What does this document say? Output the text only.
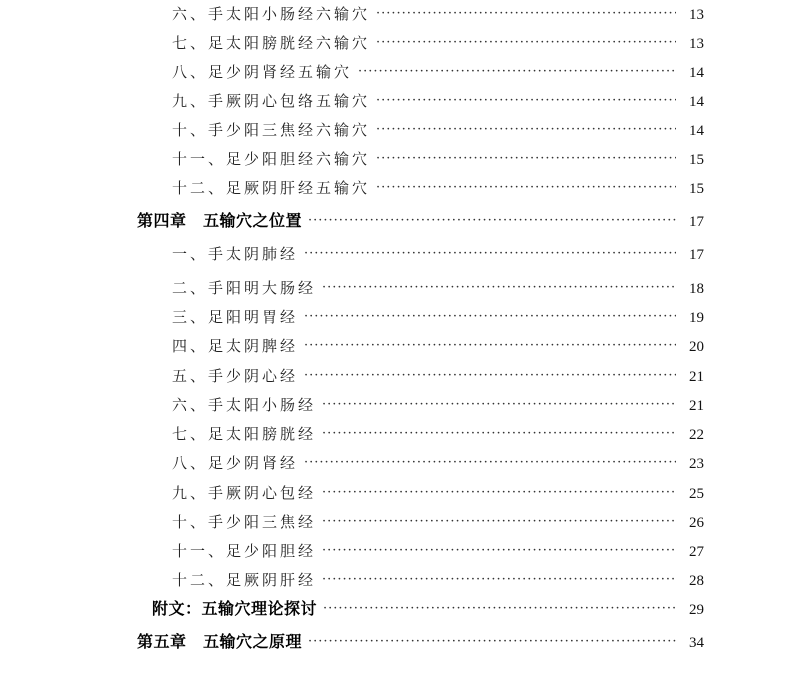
六、手太阳小肠经六输穴 ·····	13
七、足太阳膀胱经六输穴 ·····	13
八、足少阴肾经五输穴 ·····	14
九、手厥阴心包络五输穴 ·····	14
十、手少阳三焦经六输穴 ·····	14
十一、足少阳胆经六输穴 ·····	15
十二、足厥阴肝经五输穴 ·····	15
第四章　五输穴之位置 ·····	17
一、手太阴肺经 ·····	17
二、手阳明大肠经 ·····	18
三、足阳明胃经 ·····	19
四、足太阴脾经 ·····	20
五、手少阴心经 ·····	21
六、手太阳小肠经 ·····	21
七、足太阳膀胱经 ·····	22
八、足少阴肾经 ·····	23
九、手厥阴心包经 ·····	25
十、手少阳三焦经 ·····	26
十一、足少阳胆经 ·····	27
十二、足厥阴肝经 ·····	28
附文：五输穴理论探讨 ·····	29
第五章　五输穴之原理 ·····	34
